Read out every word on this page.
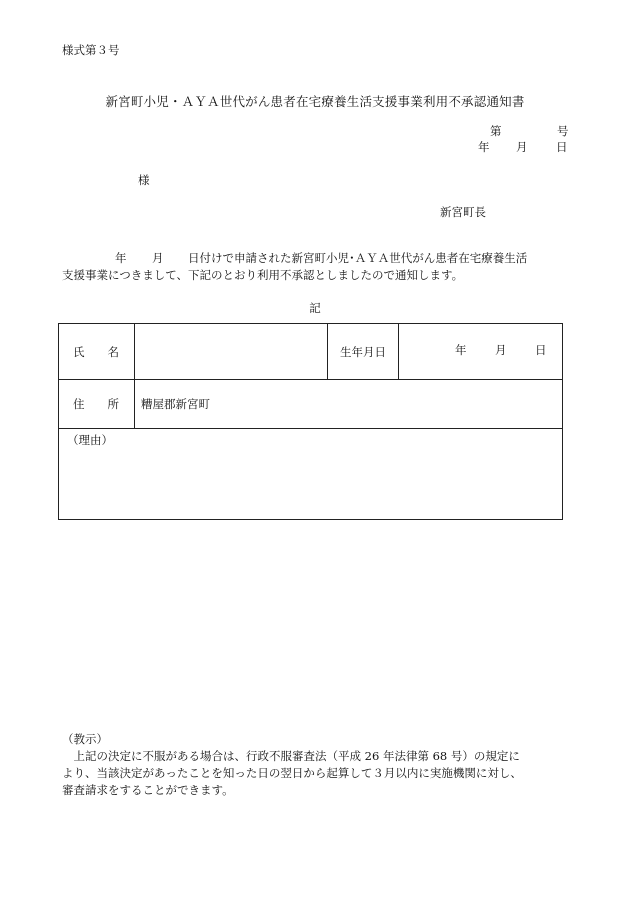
様式第３号
新宮町小児・ＡＹＡ世代がん患者在宅療養生活支援事業利用不承認通知書
第	号
年 月 日
様
新宮町長
年 月 日付けで申請された新宮町小児･ＡＹＡ世代がん患者在宅療養生活
支援事業につきまして、下記のとおり利用不承認としましたので通知します。
記
氏 名		生年月日	年 月 日

住 所	糟屋郡新宮町		

（理由）			
（教示）
　上記の決定に不服がある場合は、行政不服審査法（平成 26 年法律第 68 号）の規定に
より、当該決定があったことを知った日の翌日から起算して３月以内に実施機関に対し、
審査請求をすることができます。
